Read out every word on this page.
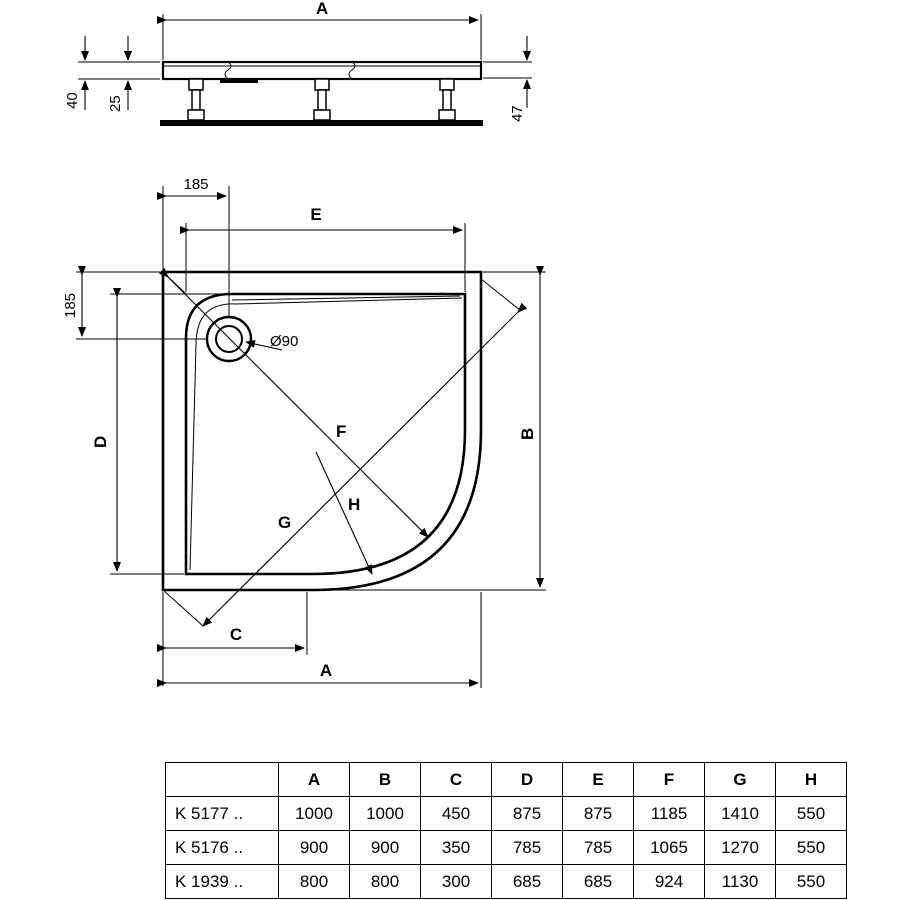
A
40 25
47
Ø90
185
E
185
D
B
C
A
F
G
H
	A	B	C	D	E	F	G	H
K 5177 ..	1000	1000	450	875	875	1185	1410	550
K 5176 ..	900	900	350	785	785	1065	1270	550
K 1939 ..	800	800	300	685	685	924	1130	550
